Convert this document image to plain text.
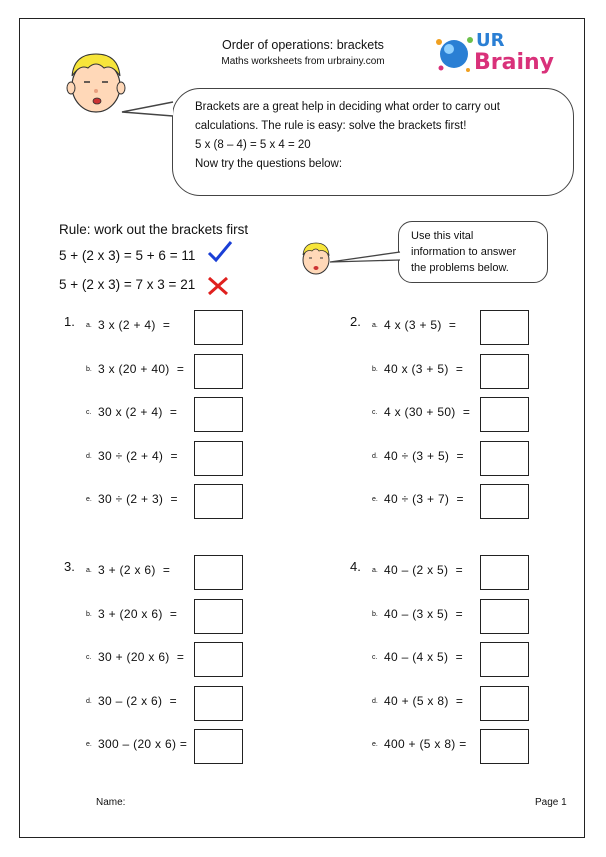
Order of operations: brackets
Maths worksheets from urbrainy.com
UR
Brainy
Brackets are a great help in deciding what order to carry out
calculations. The rule is easy: solve the brackets first!
5 x (8 – 4) = 5 x 4 = 20
Now try the questions below:
Rule: work out the brackets first
5 + (2 x 3) = 5 + 6 = 11
5 + (2 x 3) = 7 x 3 = 21
Use this vital
information to answer
the problems below.
1. a. 3 x (2 + 4)  =
b. 3 x (20 + 40)  =
c. 30 x (2 + 4)  =
d. 30 ÷ (2 + 4)  =
e. 30 ÷ (2 + 3)  =
2. a. 4 x (3 + 5)  =
b. 40 x (3 + 5)  =
c. 4 x (30 + 50)  =
d. 40 ÷ (3 + 5)  =
e. 40 ÷ (3 + 7)  =
3. a. 3 + (2 x 6)  =
b. 3 + (20 x 6)  =
c. 30 + (20 x 6)  =
d. 30 – (2 x 6)  =
e. 300 – (20 x 6) =
4. a. 40 – (2 x 5)  =
b. 40 – (3 x 5)  =
c. 40 – (4 x 5)  =
d. 40 + (5 x 8)  =
e. 400 + (5 x 8) =
Name:	Page 1
